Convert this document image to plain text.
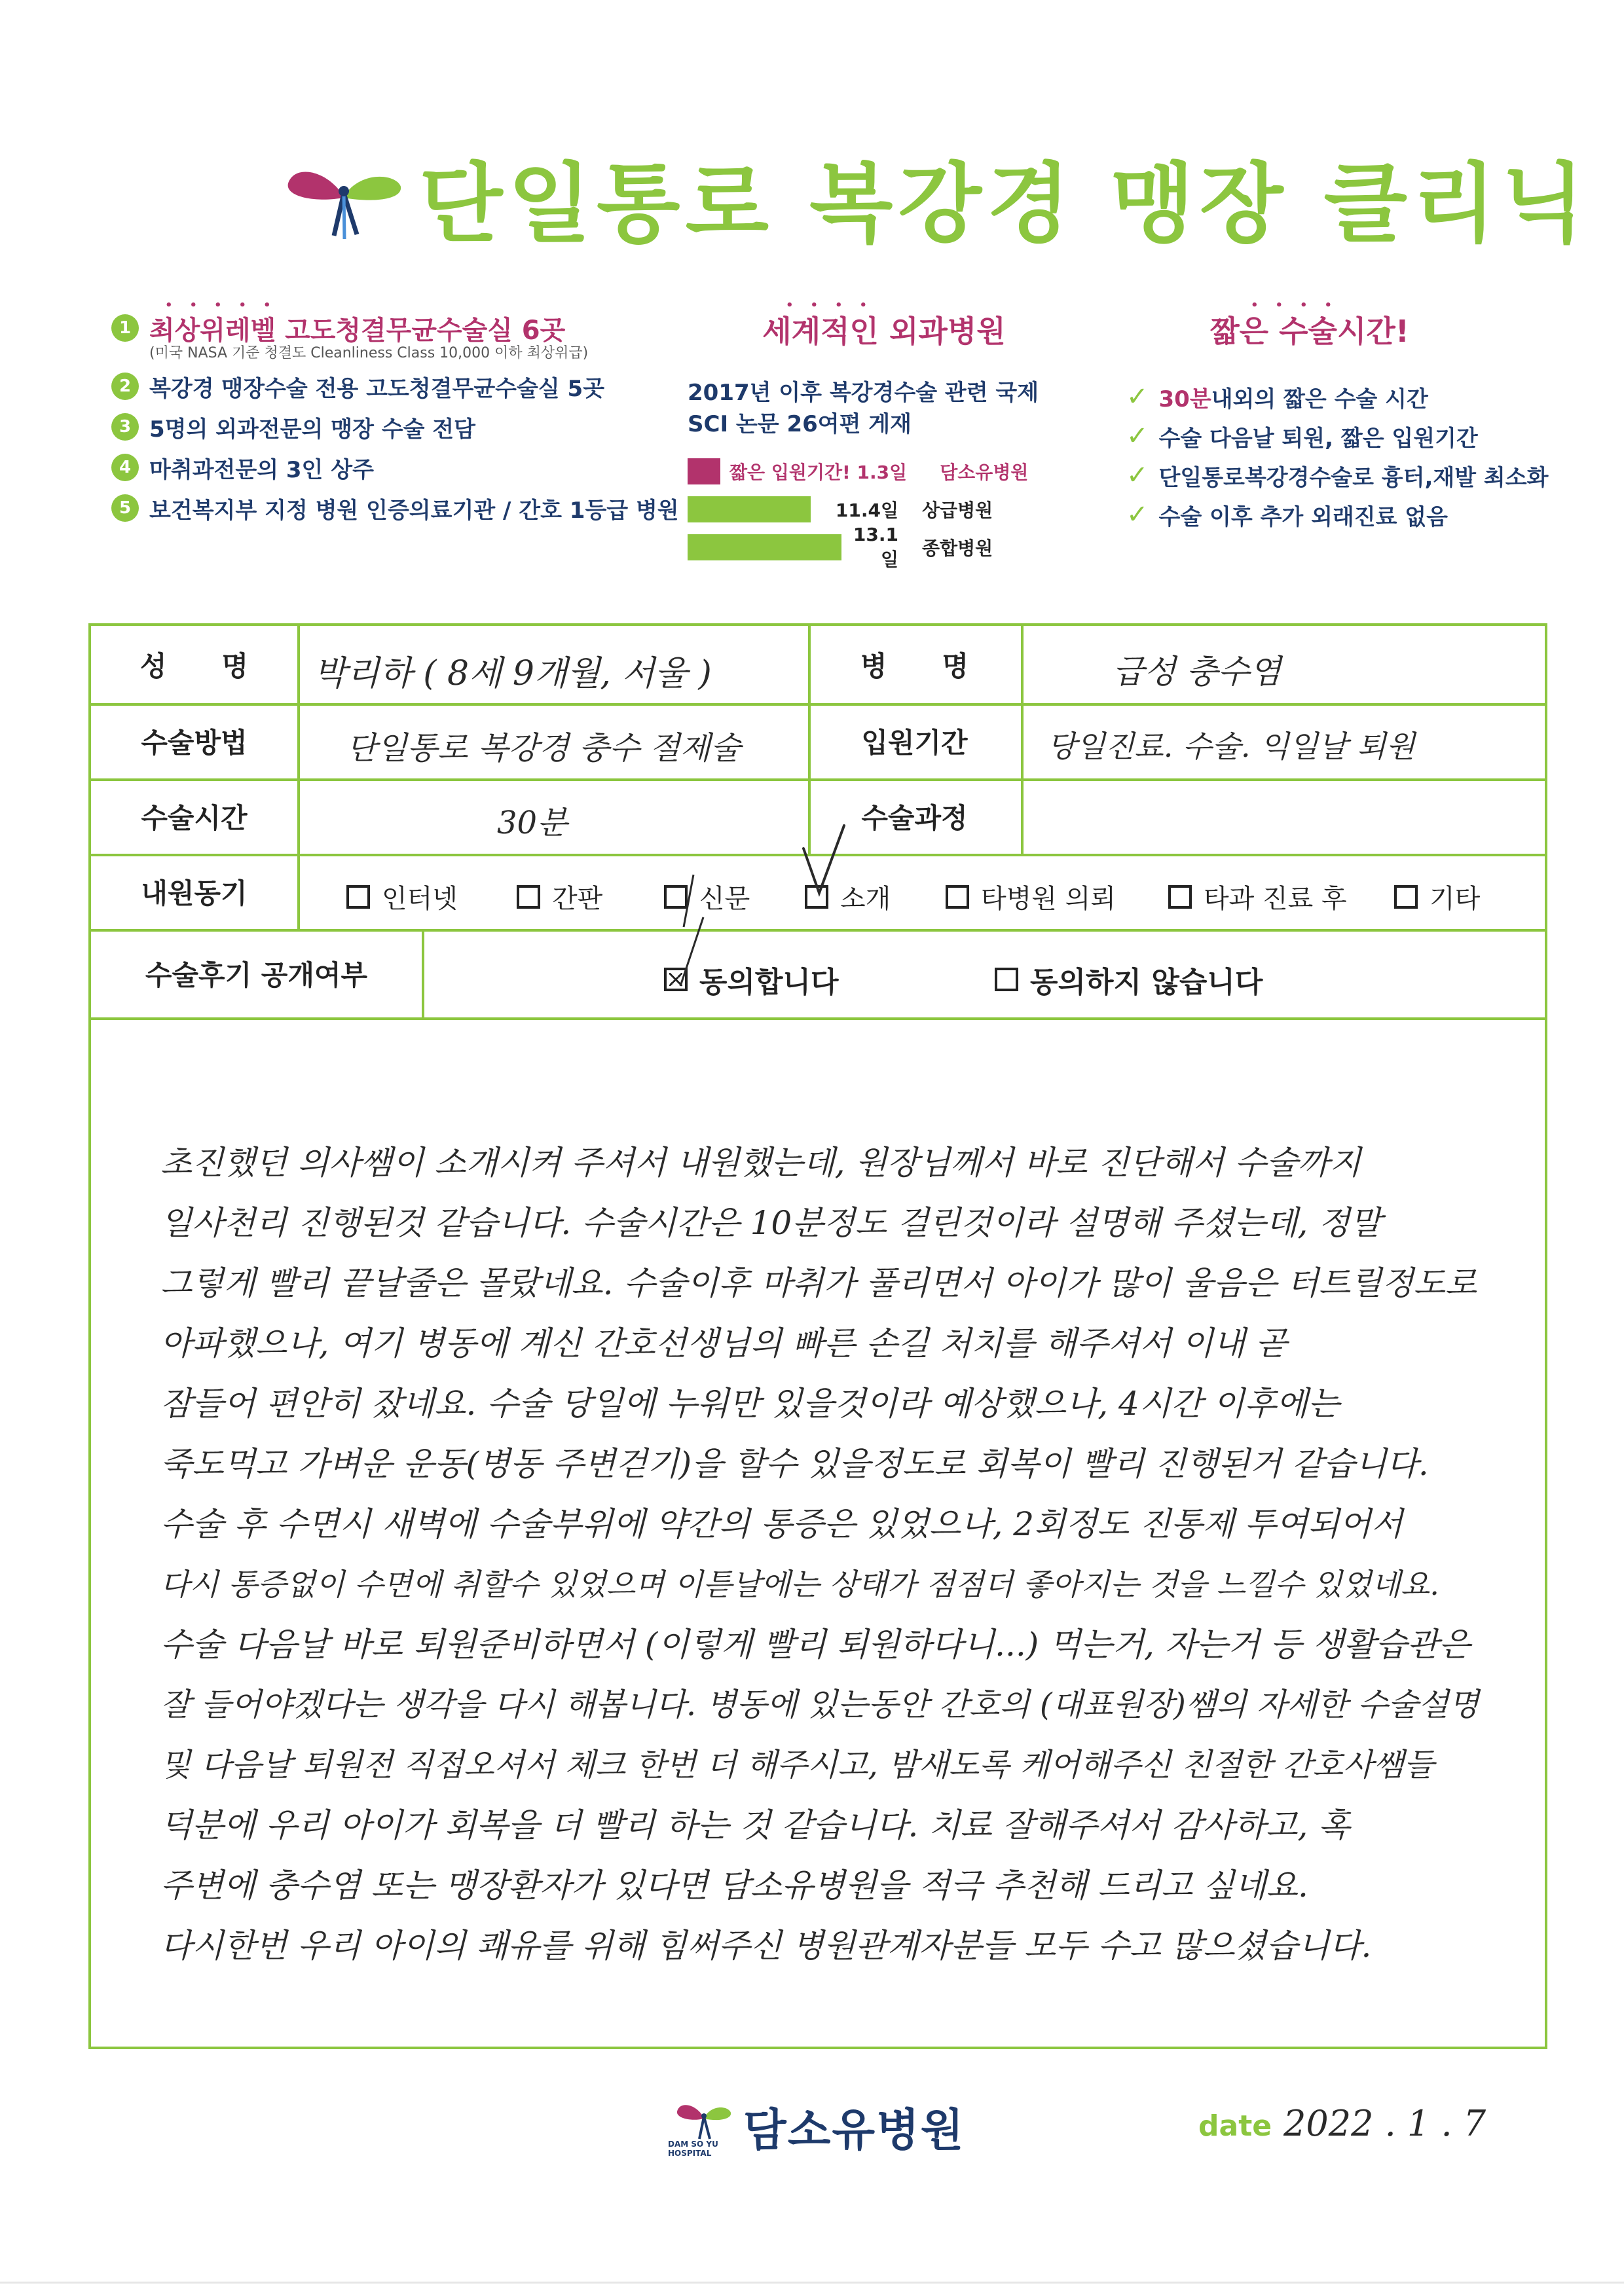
단일통로 복강경 맹장 클리닉
•••••
1 최상위레벨 고도청결무균수술실 6곳
(미국 NASA 기준 청결도 Cleanliness Class 10,000 이하 최상위급)
2 복강경 맹장수술 전용 고도청결무균수술실 5곳
3 5명의 외과전문의 맹장 수술 전담
4 마취과전문의 3인 상주
5 보건복지부 지정 병원 인증의료기관 / 간호 1등급 병원
••••
세계적인 외과병원
2017년 이후 복강경수술 관련 국제
SCI 논문 26여편 게재
짧은 입원기간! 1.3일 담소유병원
11.4일 상급병원
13.1일 종합병원
••••
짧은 수술시간!
✓ 30분 내외의 짧은 수술 시간
✓ 수술 다음날 퇴원, 짧은 입원기간
✓ 단일통로복강경수술로 흉터,재발 최소화
✓ 수술 이후 추가 외래진료 없음
성　　명	박리하 ( 8세 9개월, 서울 )	병　　명	급성 충수염
수술방법	단일통로 복강경 충수 절제술	입원기간	당일진료. 수술. 익일날 퇴원
수술시간	30분	수술과정
내원동기	인터넷	간판	신문	소개	타병원 의뢰	타과 진료 후	기타
수술후기 공개여부	동의합니다	동의하지 않습니다
초진했던 의사쌤이 소개시켜 주셔서 내원했는데, 원장님께서 바로 진단해서 수술까지
일사천리 진행된것 같습니다. 수술시간은 10분정도 걸린것이라 설명해 주셨는데, 정말
그렇게 빨리 끝날줄은 몰랐네요. 수술이후 마취가 풀리면서 아이가 많이 울음은 터트릴정도로
아파했으나, 여기 병동에 계신 간호선생님의 빠른 손길 처치를 해주셔서 이내 곧
잠들어 편안히 잤네요. 수술 당일에 누워만 있을것이라 예상했으나, 4시간 이후에는
죽도먹고 가벼운 운동(병동 주변걷기)을 할수 있을정도로 회복이 빨리 진행된거 같습니다.
수술 후 수면시 새벽에 수술부위에 약간의 통증은 있었으나, 2회정도 진통제 투여되어서
다시 통증없이 수면에 취할수 있었으며 이튿날에는 상태가 점점더 좋아지는 것을 느낄수 있었네요.
수술 다음날 바로 퇴원준비하면서 (이렇게 빨리 퇴원하다니...) 먹는거, 자는거 등 생활습관은
잘 들어야겠다는 생각을 다시 해봅니다. 병동에 있는동안 간호의 (대표원장)쌤의 자세한 수술설명
및 다음날 퇴원전 직접오셔서 체크 한번 더 해주시고, 밤새도록 케어해주신 친절한 간호사쌤들
덕분에 우리 아이가 회복을 더 빨리 하는 것 같습니다. 치료 잘해주셔서 감사하고, 혹
주변에 충수염 또는 맹장환자가 있다면 담소유병원을 적극 추천해 드리고 싶네요.
다시한번 우리 아이의 쾌유를 위해 힘써주신 병원관계자분들 모두 수고 많으셨습니다.
DAM SO YU
HOSPITAL 담소유병원	date 2022 . 1 . 7
